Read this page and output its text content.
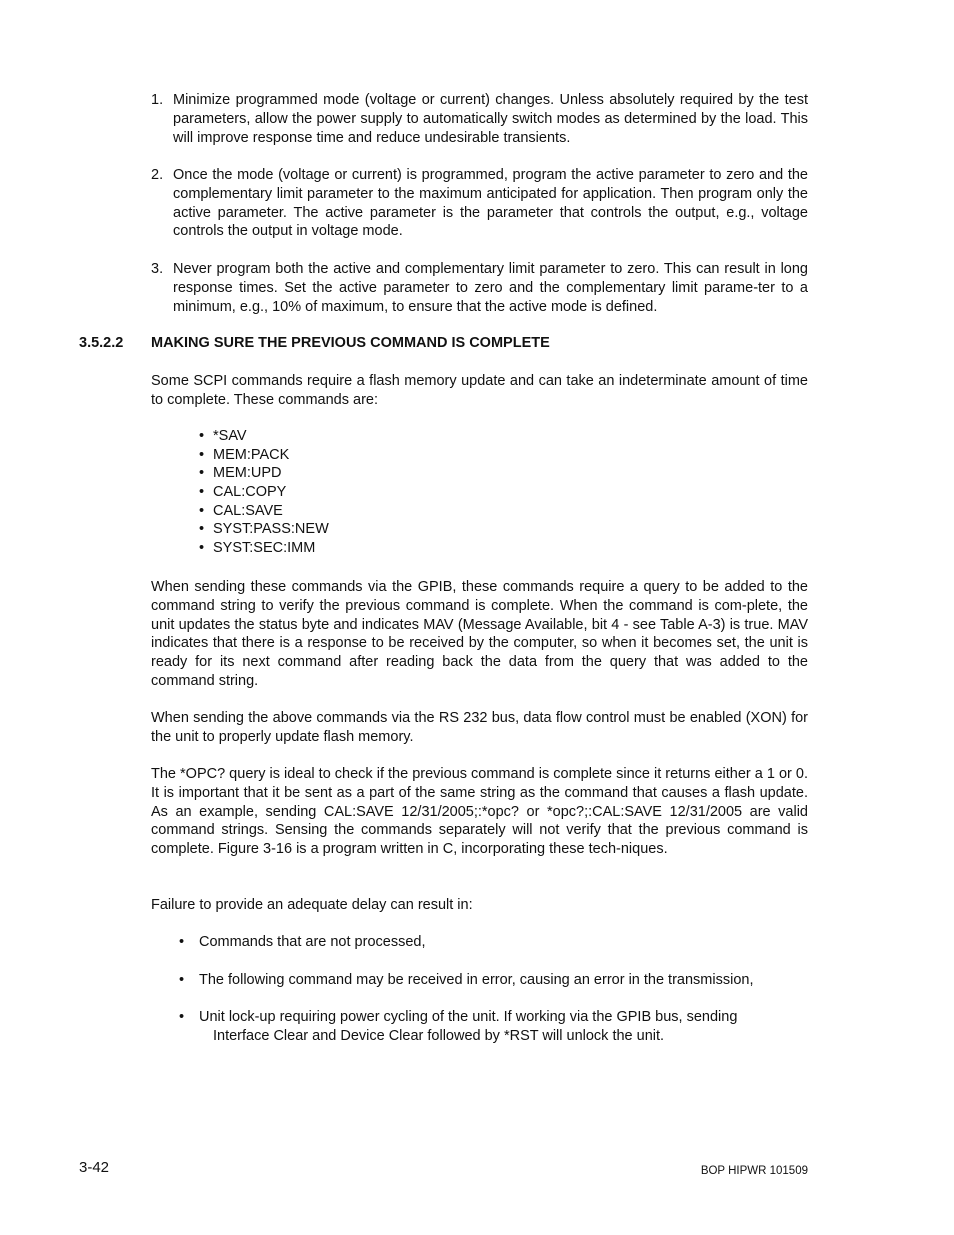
1. Minimize programmed mode (voltage or current) changes. Unless absolutely required by the test parameters, allow the power supply to automatically switch modes as determined by the load. This will improve response time and reduce undesirable transients.
2. Once the mode (voltage or current) is programmed, program the active parameter to zero and the complementary limit parameter to the maximum anticipated for application. Then program only the active parameter. The active parameter is the parameter that controls the output, e.g., voltage controls the output in voltage mode.
3. Never program both the active and complementary limit parameter to zero. This can result in long response times. Set the active parameter to zero and the complementary limit parame-ter to a minimum, e.g., 10% of maximum, to ensure that the active mode is defined.
3.5.2.2 MAKING SURE THE PREVIOUS COMMAND IS COMPLETE

Some SCPI commands require a flash memory update and can take an indeterminate amount of time to complete. These commands are:

• *SAV
• MEM:PACK
• MEM:UPD
• CAL:COPY
• CAL:SAVE
• SYST:PASS:NEW
• SYST:SEC:IMM

When sending these commands via the GPIB, these commands require a query to be added to the command string to verify the previous command is complete. When the command is com-plete, the unit updates the status byte and indicates MAV (Message Available, bit 4 - see Table A-3) is true. MAV indicates that there is a response to be received by the computer, so when it becomes set, the unit is ready for its next command after reading back the data from the query that was added to the command string.

When sending the above commands via the RS 232 bus, data flow control must be enabled (XON) for the unit to properly update flash memory.

The *OPC? query is ideal to check if the previous command is complete since it returns either a 1 or 0. It is important that it be sent as a part of the same string as the command that causes a flash update. As an example, sending CAL:SAVE 12/31/2005;:*opc? or *opc?;:CAL:SAVE 12/31/2005 are valid command strings. Sensing the commands separately will not verify that the previous command is complete. Figure 3-16 is a program written in C, incorporating these tech-niques.

Failure to provide an adequate delay can result in:

• Commands that are not processed,
• The following command may be received in error, causing an error in the transmission,
• Unit lock-up requiring power cycling of the unit. If working via the GPIB bus, sending
Interface Clear and Device Clear followed by *RST will unlock the unit.
3-42	BOP HIPWR 101509
